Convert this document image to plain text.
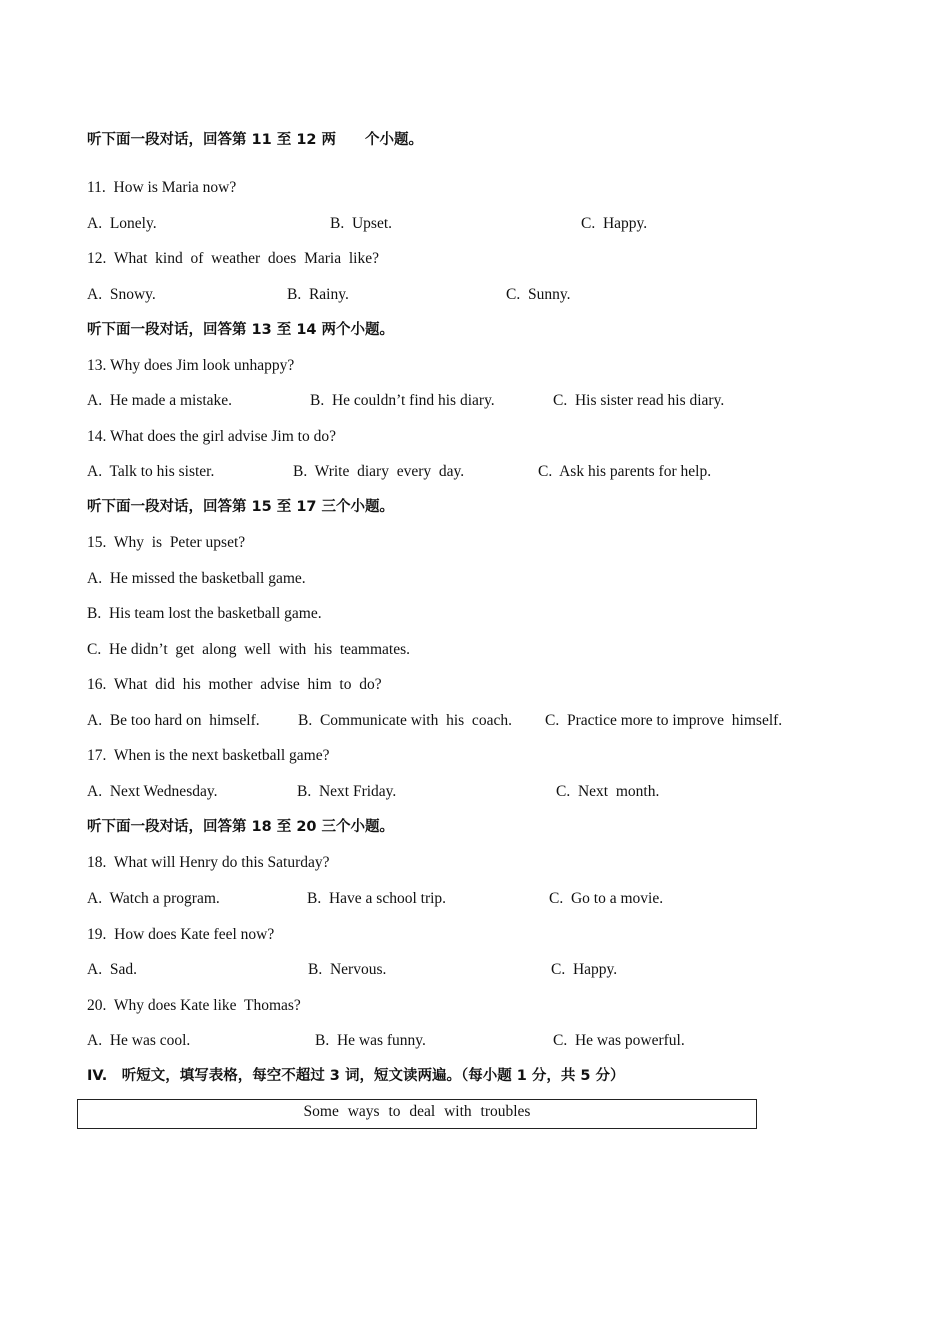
听下面一段对话，回答第 11 至 12 两　　个小题。
11.  How is Maria now?
A.  Lonely.	B.  Upset.	C.  Happy.
12.  What  kind  of  weather  does  Maria  like?
A.  Snowy.	B.  Rainy.	C.  Sunny.
听下面一段对话，回答第 13 至 14 两个小题。
13. Why does Jim look unhappy?
A.  He made a mistake.	B.  He couldn’t find his diary.	C.  His sister read his diary.
14. What does the girl advise Jim to do?
A.  Talk to his sister.	B.  Write  diary  every  day.	C.  Ask his parents for help.
听下面一段对话，回答第 15 至 17 三个小题。
15.  Why  is  Peter upset?
A.  He missed the basketball game.
B.  His team lost the basketball game.
C.  He didn’t  get  along  well  with  his  teammates.
16.  What  did  his  mother  advise  him  to  do?
A.  Be too hard on  himself. B.  Communicate with  his  coach. C.  Practice more to improve  himself.
17.  When is the next basketball game?
A.  Next Wednesday.	B.  Next Friday.	C.  Next  month.
听下面一段对话，回答第 18 至 20 三个小题。
18.  What will Henry do this Saturday?
A.  Watch a program.	B.  Have a school trip.	C.  Go to a movie.
19.  How does Kate feel now?
A.  Sad.	B.  Nervous.	C.  Happy.
20.  Why does Kate like  Thomas?
A.  He was cool.	B.  He was funny.	C.  He was powerful.
IV.　听短文，填写表格，每空不超过 3 词，短文读两遍。（每小题 1 分，共 5 分）
Some ways to deal with troubles
